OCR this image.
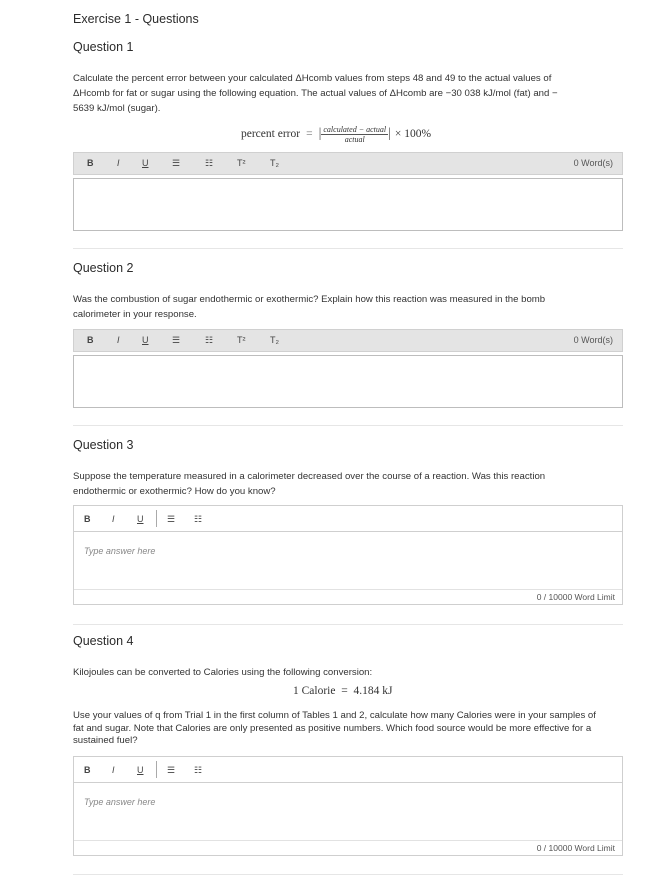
Exercise 1 - Questions
Question 1
Calculate the percent error between your calculated ΔHcomb values from steps 48 and 49 to the actual values of
ΔHcomb for fat or sugar using the following equation. The actual values of ΔHcomb are −30 038 kJ/mol (fat) and −
5639 kJ/mol (sugar).
percent error = | $\frac{\text{calculated − actual}}{\text{actual}}$ | × 100%
B	I U	☰	☷	T²	T₂	0 Word(s)
Question 2
Was the combustion of sugar endothermic or exothermic? Explain how this reaction was measured in the bomb
calorimeter in your response.
B	I U	☰	☷	T²	T₂	0 Word(s)
Question 3
Suppose the temperature measured in a calorimeter decreased over the course of a reaction. Was this reaction
endothermic or exothermic? How do you know?
B I U	☰ ☷
Type answer here
0 / 10000 Word Limit
Question 4
Kilojoules can be converted to Calories using the following conversion:
1 Calorie  =  4.184 kJ
Use your values of q from Trial 1 in the first column of Tables 1 and 2, calculate how many Calories were in your samples of
fat and sugar. Note that Calories are only presented as positive numbers. Which food source would be more effective for a
sustained fuel?
B I U	☰ ☷
Type answer here
0 / 10000 Word Limit
